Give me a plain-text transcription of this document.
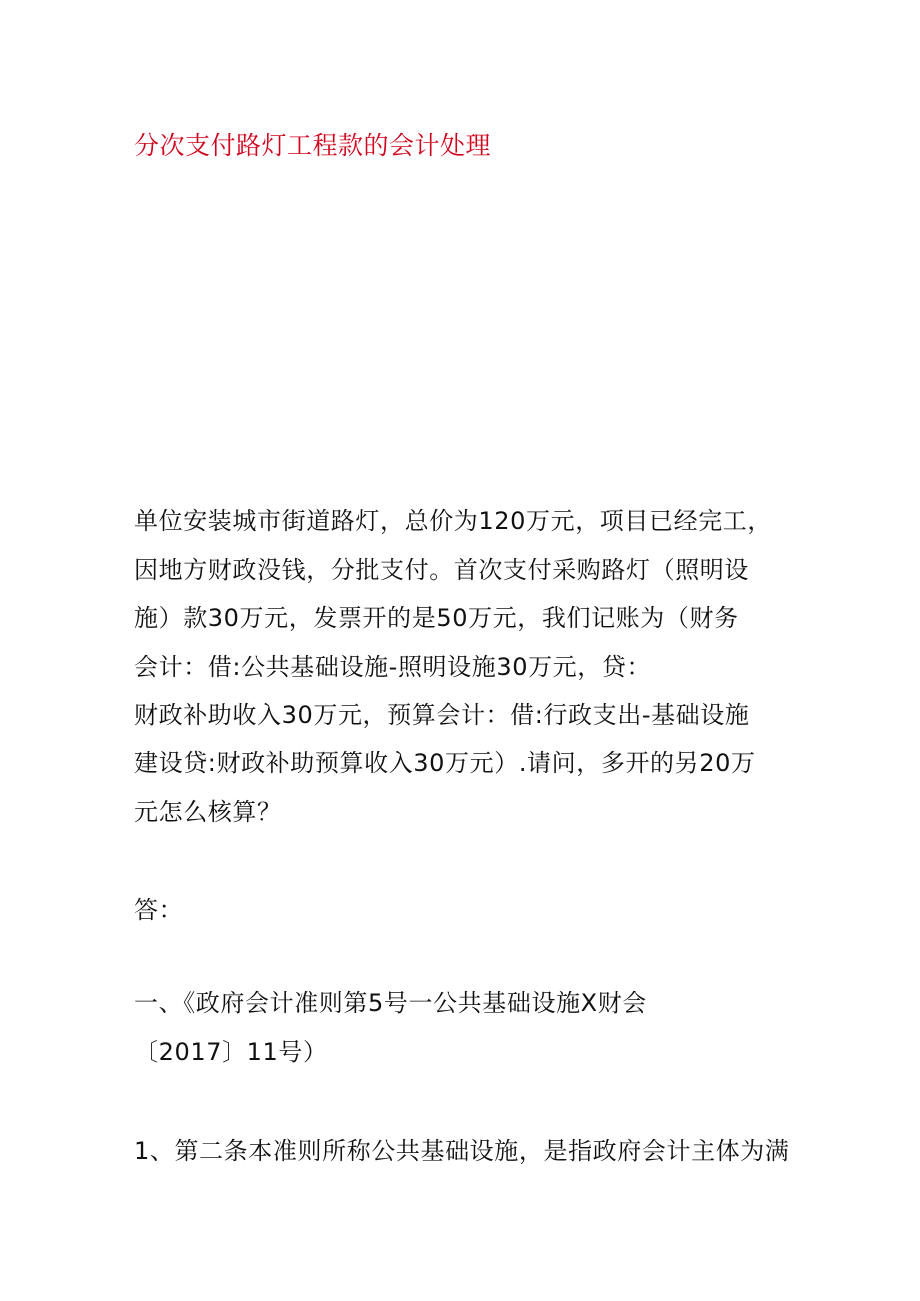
分次支付路灯工程款的会计处理
单位安装城市街道路灯，总价为120万元，项目已经完工，
因地方财政没钱，分批支付。首次支付采购路灯（照明设
施）款30万元，发票开的是50万元，我们记账为（财务
会计：借:公共基础设施-照明设施30万元，贷：
财政补助收入30万元，预算会计：借:行政支出-基础设施
建设贷:财政补助预算收入30万元）.请问，多开的另20万
元怎么核算？
答：
一、《政府会计准则第5号一公共基础设施X财会
〔2017〕11号）
1、第二条本准则所称公共基础设施，是指政府会计主体为满
